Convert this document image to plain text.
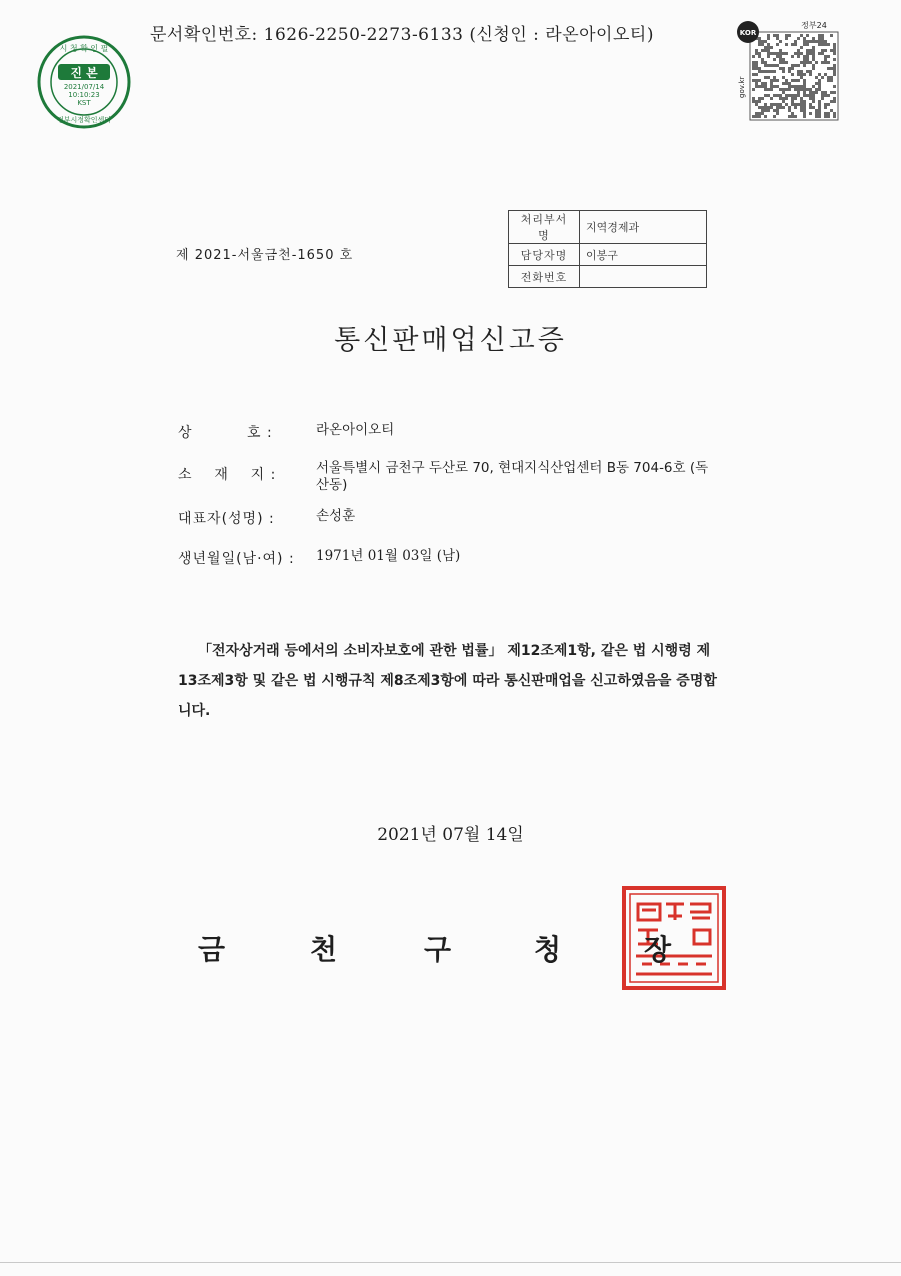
시 청 확 인 필
진 본
2021/07/14
10:10:23
KST
정부시정확인센터
문서확인번호: 1626-2250-2273-6133 (신청인 : 라온아이오티)	KOR
정부24
gov.kr
처리부서명	지역경제과
담당자명	이봉구
전화번호	
제 2021-서울금천-1650 호
통신판매업신고증
상          호 :	라온아이오티
소    재    지 :	서울특별시 금천구 두산로 70, 현대지식산업센터 B동 704-6호 (독산동)
대표자(성명) :	손성훈
생년월일(남·여) : 1971년 01월 03일 (남)
「전자상거래 등에서의 소비자보호에 관한 법률」 제12조제1항, 같은 법 시행령 제13조제3항 및 같은 법 시행규칙 제8조제3항에 따라 통신판매업을 신고하였음을 증명합니다.
2021년 07월 14일
금	천	구	청	장
